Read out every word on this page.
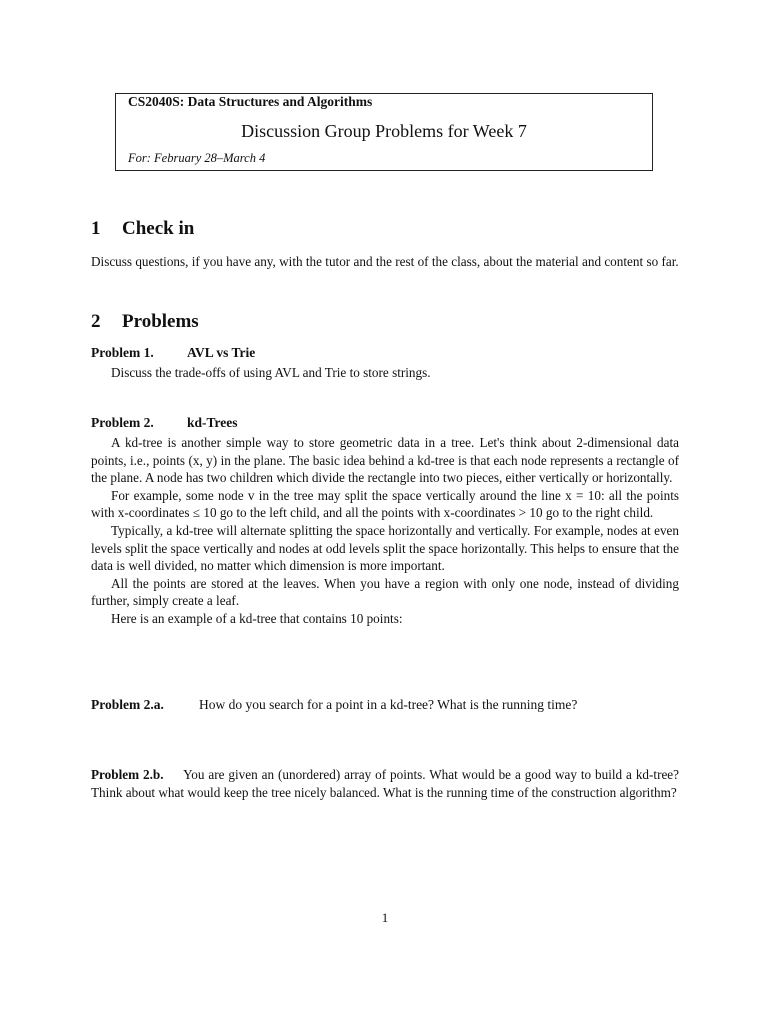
CS2040S: Data Structures and Algorithms
Discussion Group Problems for Week 7
For: February 28–March 4
1 Check in

Discuss questions, if you have any, with the tutor and the rest of the class, about the material and content so far.

2 Problems
Problem 1. AVL vs Trie

Discuss the trade-offs of using AVL and Trie to store strings.

Problem 2. kd-Trees

A kd-tree is another simple way to store geometric data in a tree. Let's think about 2-dimensional data points, i.e., points (x, y) in the plane. The basic idea behind a kd-tree is that each node represents a rectangle of the plane. A node has two children which divide the rectangle into two pieces, either vertically or horizontally.

For example, some node v in the tree may split the space vertically around the line x = 10: all the points with x-coordinates ≤ 10 go to the left child, and all the points with x-coordinates > 10 go to the right child.

Typically, a kd-tree will alternate splitting the space horizontally and vertically. For example, nodes at even levels split the space vertically and nodes at odd levels split the space horizontally. This helps to ensure that the data is well divided, no matter which dimension is more important.

All the points are stored at the leaves. When you have a region with only one node, instead of dividing further, simply create a leaf.

Here is an example of a kd-tree that contains 10 points:

Problem 2.a.	How do you search for a point in a kd-tree? What is the running time?

Problem 2.b. You are given an (unordered) array of points. What would be a good way to build a kd-tree? Think about what would keep the tree nicely balanced. What is the running time of the construction algorithm?

1
